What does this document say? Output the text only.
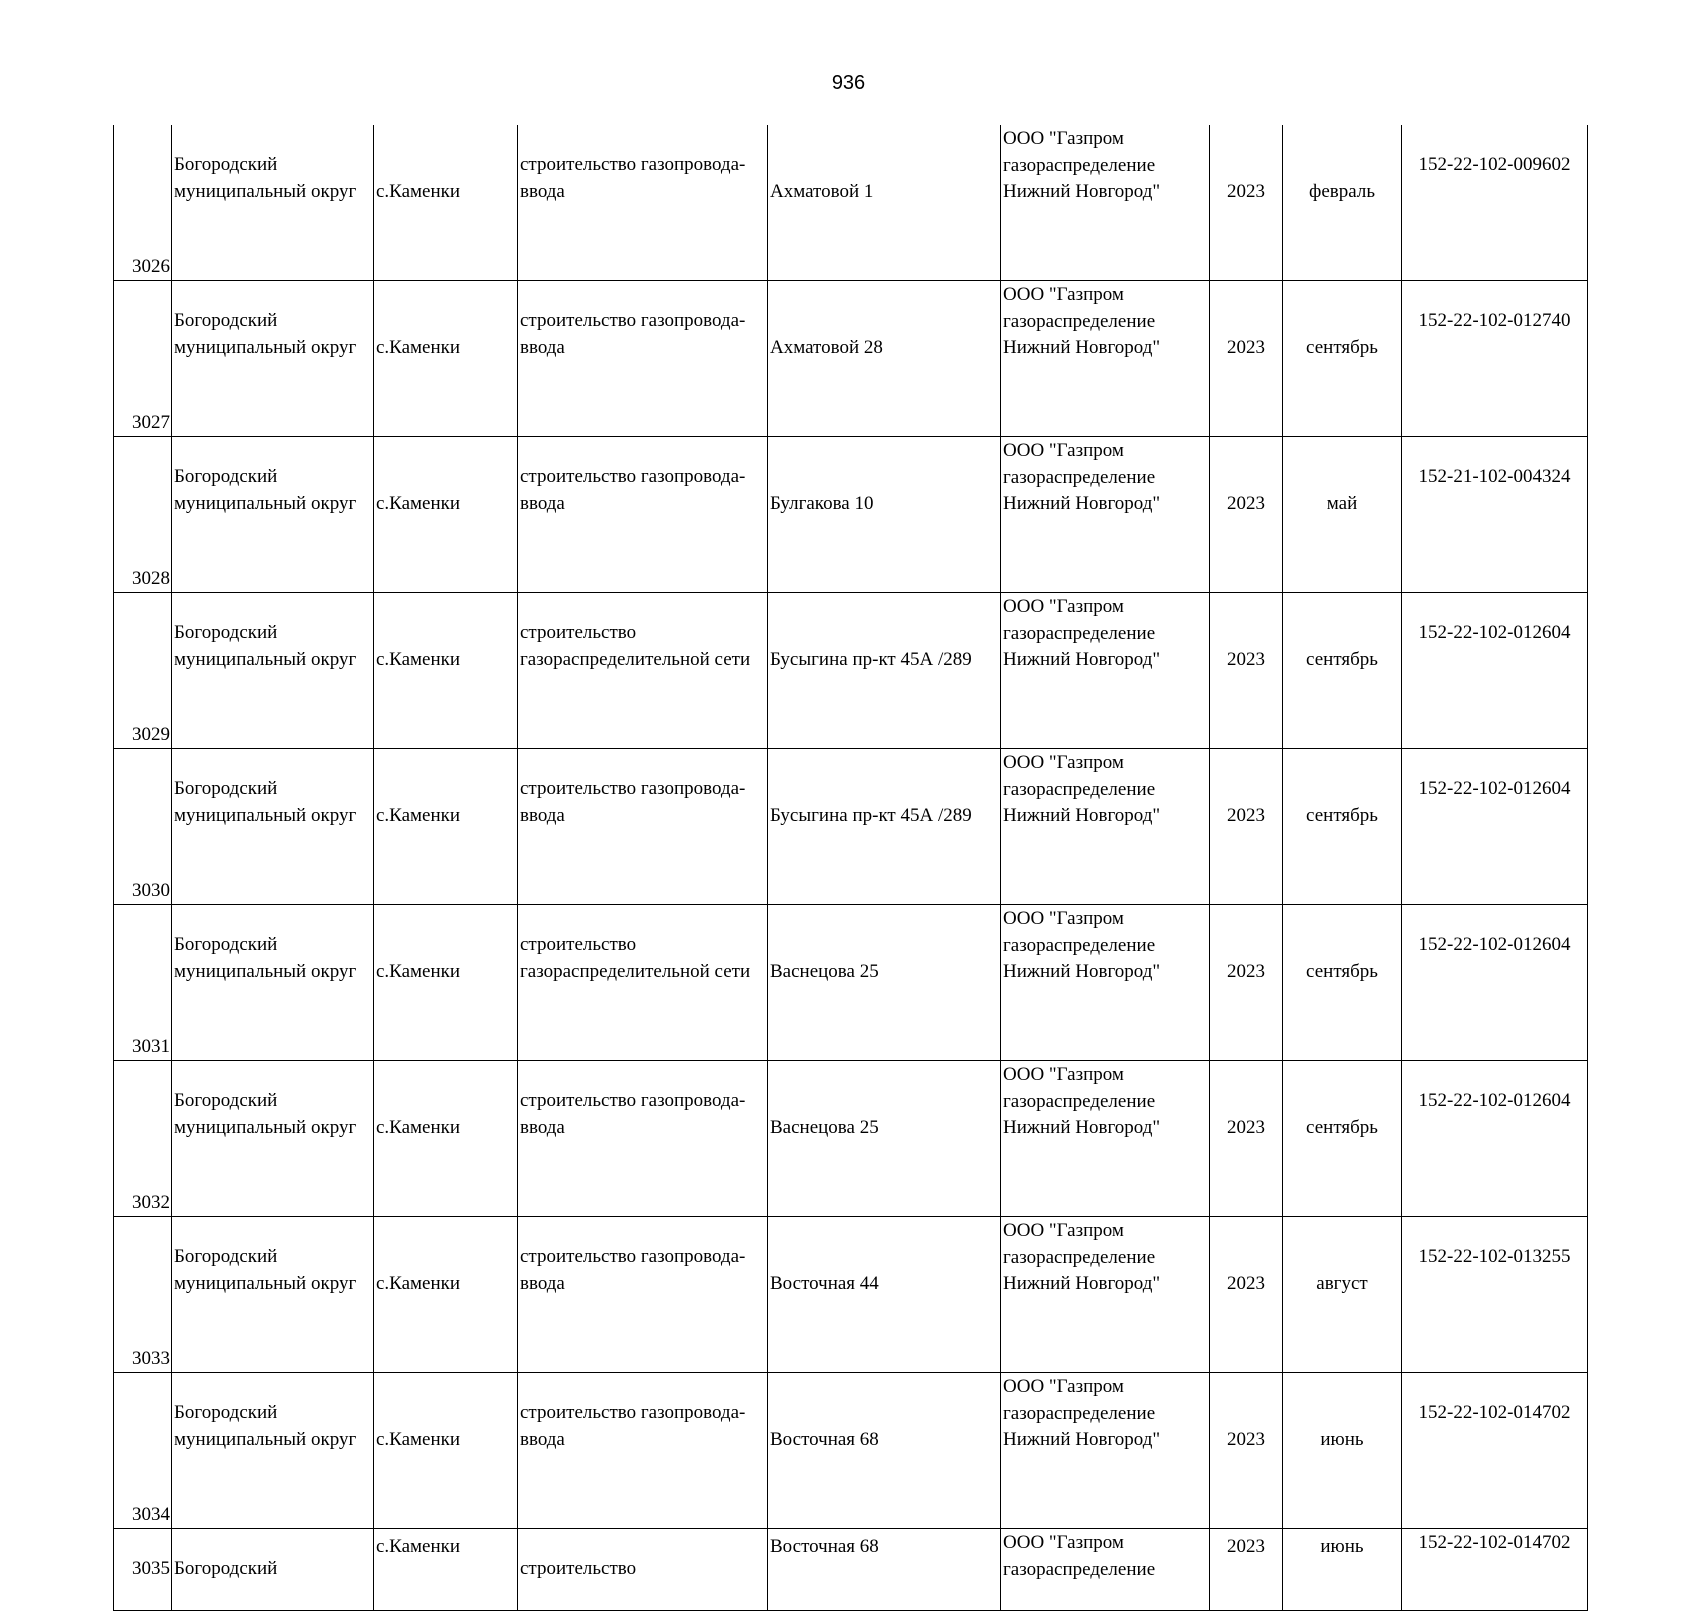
936
3026	Богородский
муниципальный округ	с.Каменки	строительство газопровода-
ввода	Ахматовой 1	ООО "Газпром
газораспределение
Нижний Новгород"	2023	февраль	152-22-102-009602
3027	Богородский
муниципальный округ	с.Каменки	строительство газопровода-
ввода	Ахматовой 28	ООО "Газпром
газораспределение
Нижний Новгород"	2023	сентябрь	152-22-102-012740
3028	Богородский
муниципальный округ	с.Каменки	строительство газопровода-
ввода	Булгакова 10	ООО "Газпром
газораспределение
Нижний Новгород"	2023	май	152-21-102-004324
3029	Богородский
муниципальный округ	с.Каменки	строительство
газораспределительной сети	Бусыгина пр-кт 45А /289	ООО "Газпром
газораспределение
Нижний Новгород"	2023	сентябрь	152-22-102-012604
3030	Богородский
муниципальный округ	с.Каменки	строительство газопровода-
ввода	Бусыгина пр-кт 45А /289	ООО "Газпром
газораспределение
Нижний Новгород"	2023	сентябрь	152-22-102-012604
3031	Богородский
муниципальный округ	с.Каменки	строительство
газораспределительной сети	Васнецова 25	ООО "Газпром
газораспределение
Нижний Новгород"	2023	сентябрь	152-22-102-012604
3032	Богородский
муниципальный округ	с.Каменки	строительство газопровода-
ввода	Васнецова 25	ООО "Газпром
газораспределение
Нижний Новгород"	2023	сентябрь	152-22-102-012604
3033	Богородский
муниципальный округ	с.Каменки	строительство газопровода-
ввода	Восточная 44	ООО "Газпром
газораспределение
Нижний Новгород"	2023	август	152-22-102-013255
3034	Богородский
муниципальный округ	с.Каменки	строительство газопровода-
ввода	Восточная 68	ООО "Газпром
газораспределение
Нижний Новгород"	2023	июнь	152-22-102-014702
3035	Богородский	с.Каменки	строительство	Восточная 68	ООО "Газпром
газораспределение	2023	июнь	152-22-102-014702
